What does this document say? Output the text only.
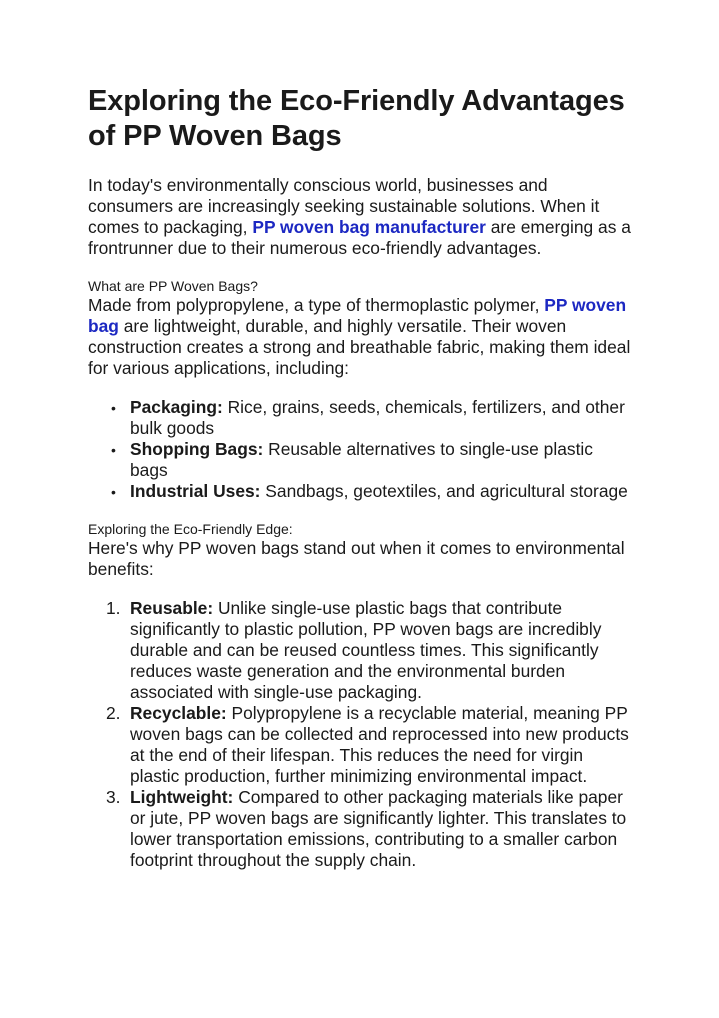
Exploring the Eco-Friendly Advantages of PP Woven Bags

In today's environmentally conscious world, businesses and consumers are increasingly seeking sustainable solutions. When it comes to packaging, PP woven bag manufacturer are emerging as a frontrunner due to their numerous eco-friendly advantages.

What are PP Woven Bags?

Made from polypropylene, a type of thermoplastic polymer, PP woven bag are lightweight, durable, and highly versatile. Their woven construction creates a strong and breathable fabric, making them ideal for various applications, including:

• Packaging: Rice, grains, seeds, chemicals, fertilizers, and other bulk goods
• Shopping Bags: Reusable alternatives to single-use plastic bags
• Industrial Uses: Sandbags, geotextiles, and agricultural storage

Exploring the Eco-Friendly Edge:

Here's why PP woven bags stand out when it comes to environmental benefits:

1. Reusable: Unlike single-use plastic bags that contribute significantly to plastic pollution, PP woven bags are incredibly durable and can be reused countless times. This significantly reduces waste generation and the environmental burden associated with single-use packaging.
2. Recyclable: Polypropylene is a recyclable material, meaning PP woven bags can be collected and reprocessed into new products at the end of their lifespan. This reduces the need for virgin plastic production, further minimizing environmental impact.
3. Lightweight: Compared to other packaging materials like paper or jute, PP woven bags are significantly lighter. This translates to lower transportation emissions, contributing to a smaller carbon footprint throughout the supply chain.
